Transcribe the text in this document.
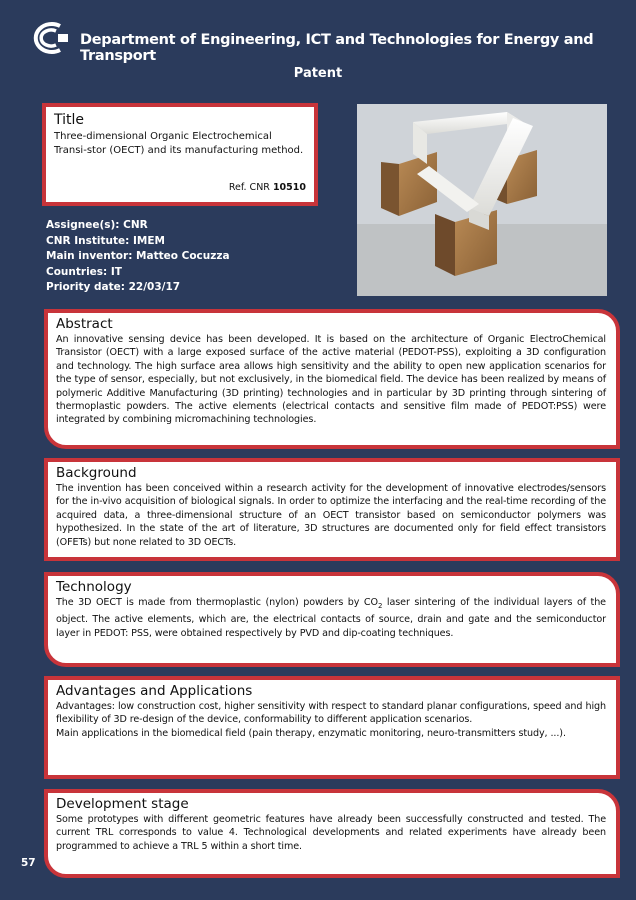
Department of Engineering, ICT and Technologies for Energy and Transport
Patent
Title
Three-dimensional Organic Electrochemical Transi-stor (OECT) and its manufacturing method.
Ref. CNR 10510
Assignee(s): CNR
CNR Institute: IMEM
Main inventor: Matteo Cocuzza
Countries: IT
Priority date: 22/03/17
Abstract

An innovative sensing device has been developed. It is based on the architecture of Organic ElectroChemical Transistor (OECT) with a large exposed surface of the active material (PEDOT-PSS), exploiting a 3D configuration and technology. The high surface area allows high sensitivity and the ability to open new application scenarios for the type of sensor, especially, but not exclusively, in the biomedical field. The device has been realized by means of polymeric Additive Manufacturing (3D printing) technologies and in particular by 3D printing through sintering of thermoplastic powders. The active elements (electrical contacts and sensitive film made of PEDOT:PSS) were integrated by combining micromachining technologies.

Background

The invention has been conceived within a research activity for the development of innovative electrodes/sensors for the in-vivo acquisition of biological signals. In order to optimize the interfacing and the real-time recording of the acquired data, a three-dimensional structure of an OECT transistor based on semiconductor polymers was hypothesized. In the state of the art of literature, 3D structures are documented only for field effect transistors (OFETs) but none related to 3D OECTs.

Technology

The 3D OECT is made from thermoplastic (nylon) powders by $CO_2$ laser sintering of the individual layers of the object. The active elements, which are, the electrical contacts of source, drain and gate and the semiconductor layer in PEDOT: PSS, were obtained respectively by PVD and dip-coating techniques.

Advantages and Applications

Advantages: low construction cost, higher sensitivity with respect to standard planar configurations, speed and high flexibility of 3D re-design of the device, conformability to different application scenarios.

Main applications in the biomedical field (pain therapy, enzymatic monitoring, neuro-transmitters study, ...).

Development stage

Some prototypes with different geometric features have already been successfully constructed and tested. The current TRL corresponds to value 4. Technological developments and related experiments have already been programmed to achieve a TRL 5 within a short time.

57
